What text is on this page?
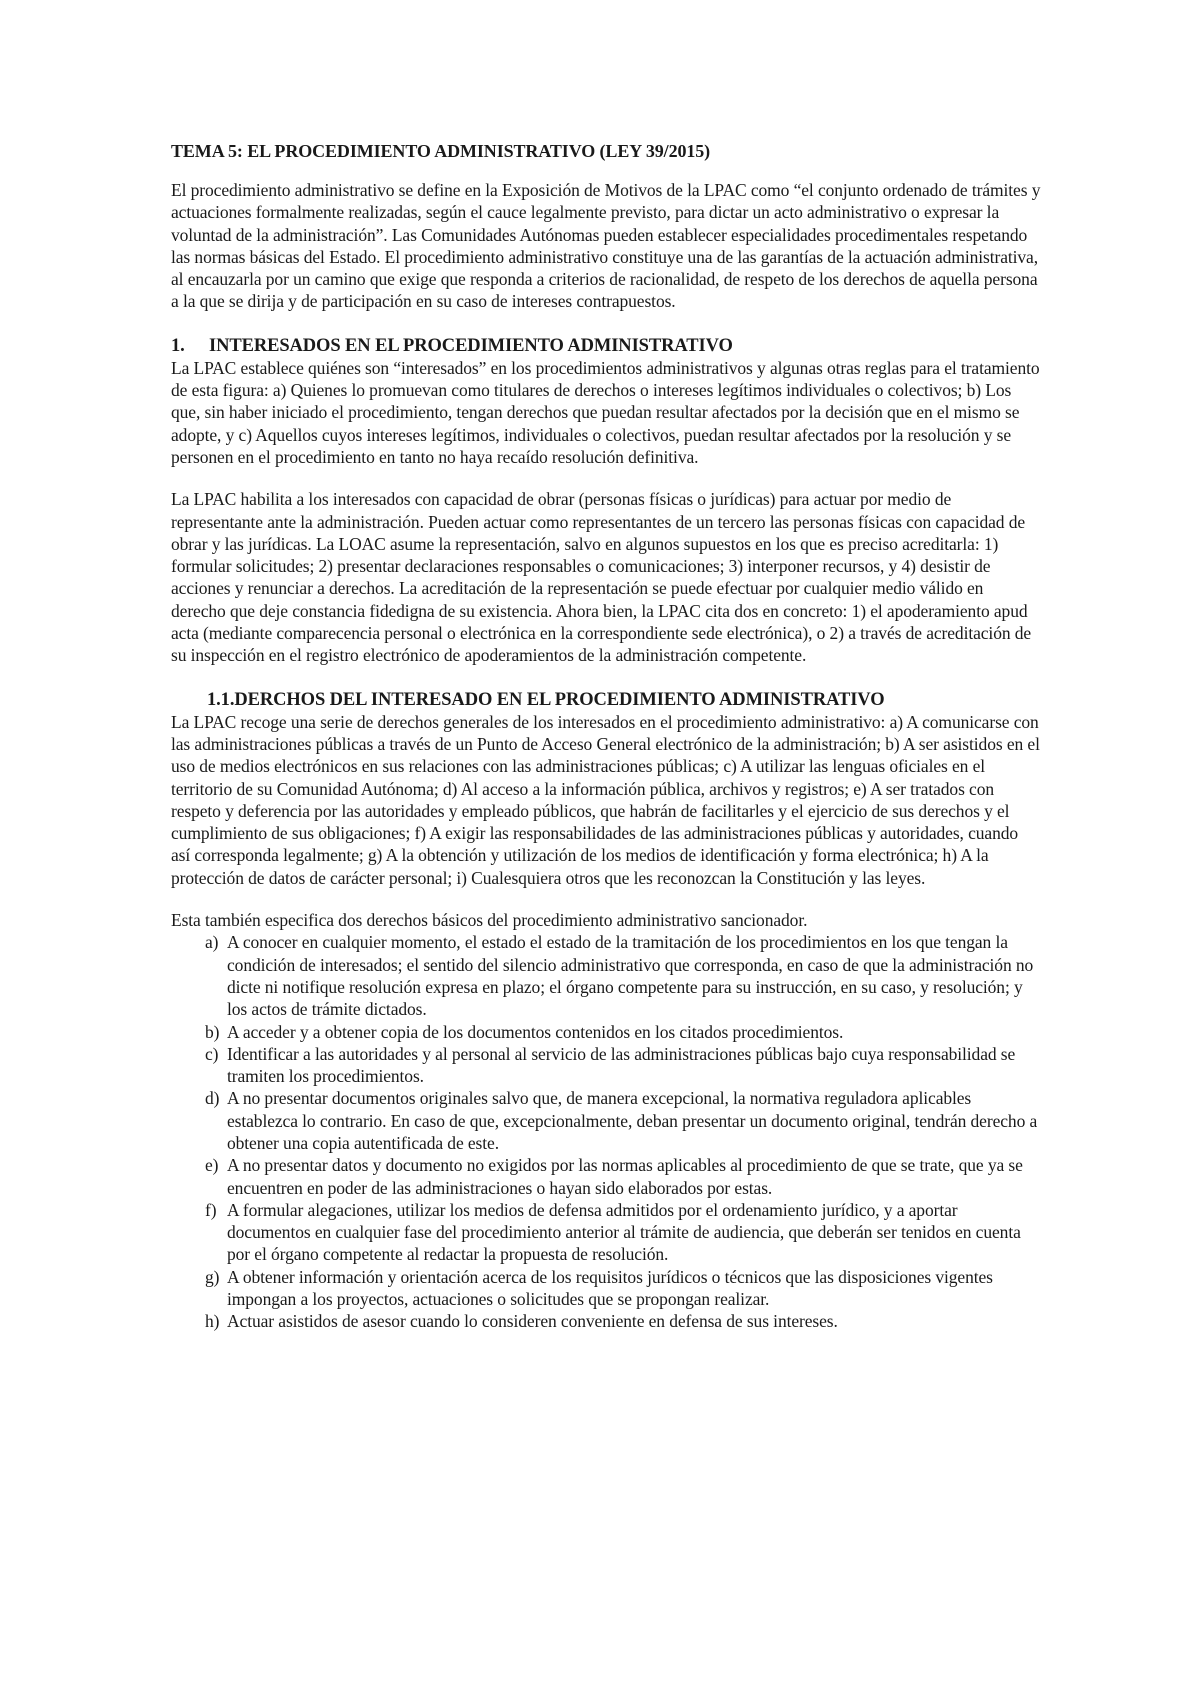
TEMA 5: EL PROCEDIMIENTO ADMINISTRATIVO (LEY 39/2015)

El procedimiento administrativo se define en la Exposición de Motivos de la LPAC como “el conjunto ordenado de trámites y actuaciones formalmente realizadas, según el cauce legalmente previsto, para dictar un acto administrativo o expresar la voluntad de la administración”. Las Comunidades Autónomas pueden establecer especialidades procedimentales respetando las normas básicas del Estado. El procedimiento administrativo constituye una de las garantías de la actuación administrativa, al encauzarla por un camino que exige que responda a criterios de racionalidad, de respeto de los derechos de aquella persona a la que se dirija y de participación en su caso de intereses contrapuestos.

1. INTERESADOS EN EL PROCEDIMIENTO ADMINISTRATIVO

La LPAC establece quiénes son “interesados” en los procedimientos administrativos y algunas otras reglas para el tratamiento de esta figura: a) Quienes lo promuevan como titulares de derechos o intereses legítimos individuales o colectivos; b) Los que, sin haber iniciado el procedimiento, tengan derechos que puedan resultar afectados por la decisión que en el mismo se adopte, y c) Aquellos cuyos intereses legítimos, individuales o colectivos, puedan resultar afectados por la resolución y se personen en el procedimiento en tanto no haya recaído resolución definitiva.

La LPAC habilita a los interesados con capacidad de obrar (personas físicas o jurídicas) para actuar por medio de representante ante la administración. Pueden actuar como representantes de un tercero las personas físicas con capacidad de obrar y las jurídicas. La LOAC asume la representación, salvo en algunos supuestos en los que es preciso acreditarla: 1) formular solicitudes; 2) presentar declaraciones responsables o comunicaciones; 3) interponer recursos, y 4) desistir de acciones y renunciar a derechos. La acreditación de la representación se puede efectuar por cualquier medio válido en derecho que deje constancia fidedigna de su existencia. Ahora bien, la LPAC cita dos en concreto: 1) el apoderamiento apud acta (mediante comparecencia personal o electrónica en la correspondiente sede electrónica), o 2) a través de acreditación de su inspección en el registro electrónico de apoderamientos de la administración competente.

1.1.DERCHOS DEL INTERESADO EN EL PROCEDIMIENTO ADMINISTRATIVO

La LPAC recoge una serie de derechos generales de los interesados en el procedimiento administrativo: a) A comunicarse con las administraciones públicas a través de un Punto de Acceso General electrónico de la administración; b) A ser asistidos en el uso de medios electrónicos en sus relaciones con las administraciones públicas; c) A utilizar las lenguas oficiales en el territorio de su Comunidad Autónoma; d) Al acceso a la información pública, archivos y registros; e) A ser tratados con respeto y deferencia por las autoridades y empleado públicos, que habrán de facilitarles y el ejercicio de sus derechos y el cumplimiento de sus obligaciones; f) A exigir las responsabilidades de las administraciones públicas y autoridades, cuando así corresponda legalmente; g) A la obtención y utilización de los medios de identificación y forma electrónica; h) A la protección de datos de carácter personal; i) Cualesquiera otros que les reconozcan la Constitución y las leyes.

Esta también especifica dos derechos básicos del procedimiento administrativo sancionador.

a) A conocer en cualquier momento, el estado el estado de la tramitación de los procedimientos en los que tengan la condición de interesados; el sentido del silencio administrativo que corresponda, en caso de que la administración no dicte ni notifique resolución expresa en plazo; el órgano competente para su instrucción, en su caso, y resolución; y los actos de trámite dictados.
b) A acceder y a obtener copia de los documentos contenidos en los citados procedimientos.
c) Identificar a las autoridades y al personal al servicio de las administraciones públicas bajo cuya responsabilidad se tramiten los procedimientos.
d) A no presentar documentos originales salvo que, de manera excepcional, la normativa reguladora aplicables establezca lo contrario. En caso de que, excepcionalmente, deban presentar un documento original, tendrán derecho a obtener una copia autentificada de este.
e) A no presentar datos y documento no exigidos por las normas aplicables al procedimiento de que se trate, que ya se encuentren en poder de las administraciones o hayan sido elaborados por estas.
f) A formular alegaciones, utilizar los medios de defensa admitidos por el ordenamiento jurídico, y a aportar documentos en cualquier fase del procedimiento anterior al trámite de audiencia, que deberán ser tenidos en cuenta por el órgano competente al redactar la propuesta de resolución.
g) A obtener información y orientación acerca de los requisitos jurídicos o técnicos que las disposiciones vigentes impongan a los proyectos, actuaciones o solicitudes que se propongan realizar.
h) Actuar asistidos de asesor cuando lo consideren conveniente en defensa de sus intereses.
